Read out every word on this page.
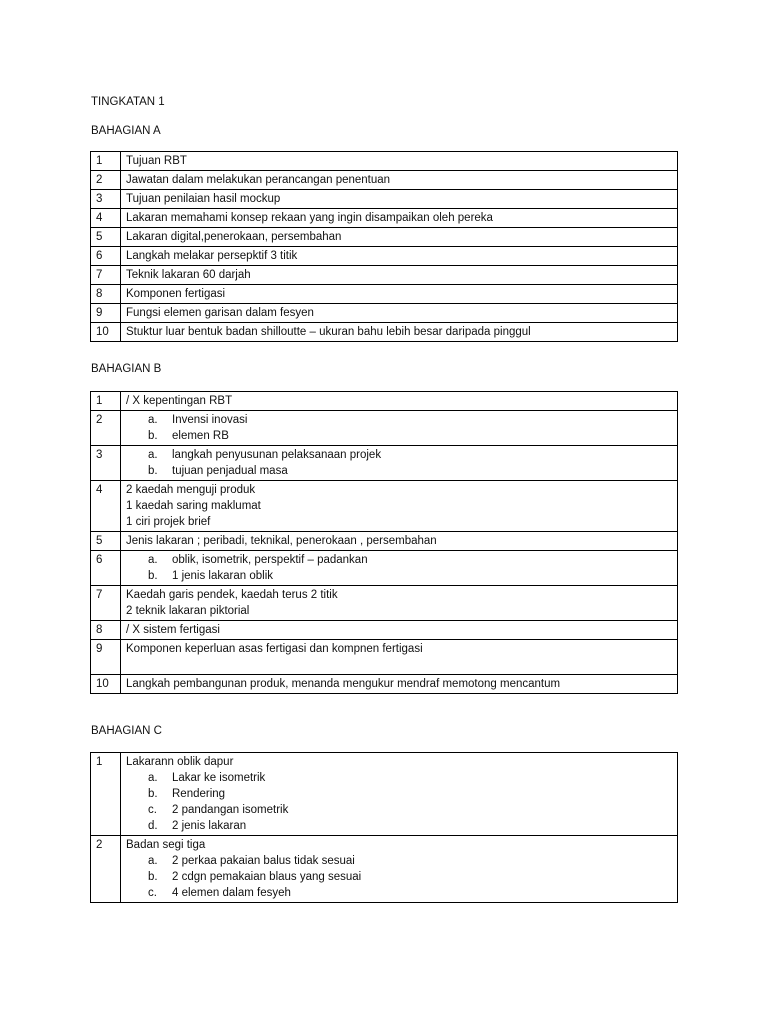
TINGKATAN 1
BAHAGIAN A
1	Tujuan RBT

2	Jawatan dalam melakukan perancangan penentuan

3	Tujuan penilaian hasil mockup

4	Lakaran memahami konsep rekaan yang ingin disampaikan oleh pereka

5	Lakaran digital,penerokaan, persembahan

6	Langkah melakar persepktif 3 titik

7	Teknik lakaran 60 darjah

8	Komponen fertigasi

9	Fungsi elemen garisan dalam fesyen

10	Stuktur luar bentuk badan shilloutte – ukuran bahu lebih besar daripada pinggul
BAHAGIAN B
1	/ X kepentingan RBT

2	a. Invensi inovasi
b. elemen RB

3	a. langkah penyusunan pelaksanaan projek
b. tujuan penjadual masa

4	2 kaedah menguji produk
1 kaedah saring maklumat
1 ciri projek brief

5	Jenis lakaran ; peribadi, teknikal, penerokaan , persembahan

6	a. oblik, isometrik, perspektif – padankan
b. 1 jenis lakaran oblik

7	Kaedah garis pendek, kaedah terus 2 titik
2 teknik lakaran piktorial

8	/ X sistem fertigasi

9	Komponen keperluan asas fertigasi dan kompnen fertigasi

10	Langkah pembangunan produk, menanda mengukur mendraf memotong mencantum
BAHAGIAN C
1	Lakarann oblik dapur
a. Lakar ke isometrik
b. Rendering
c. 2 pandangan isometrik
d. 2 jenis lakaran

2	Badan segi tiga
a. 2 perkaa pakaian balus tidak sesuai
b. 2 cdgn pemakaian blaus yang sesuai
c. 4 elemen dalam fesyeh
